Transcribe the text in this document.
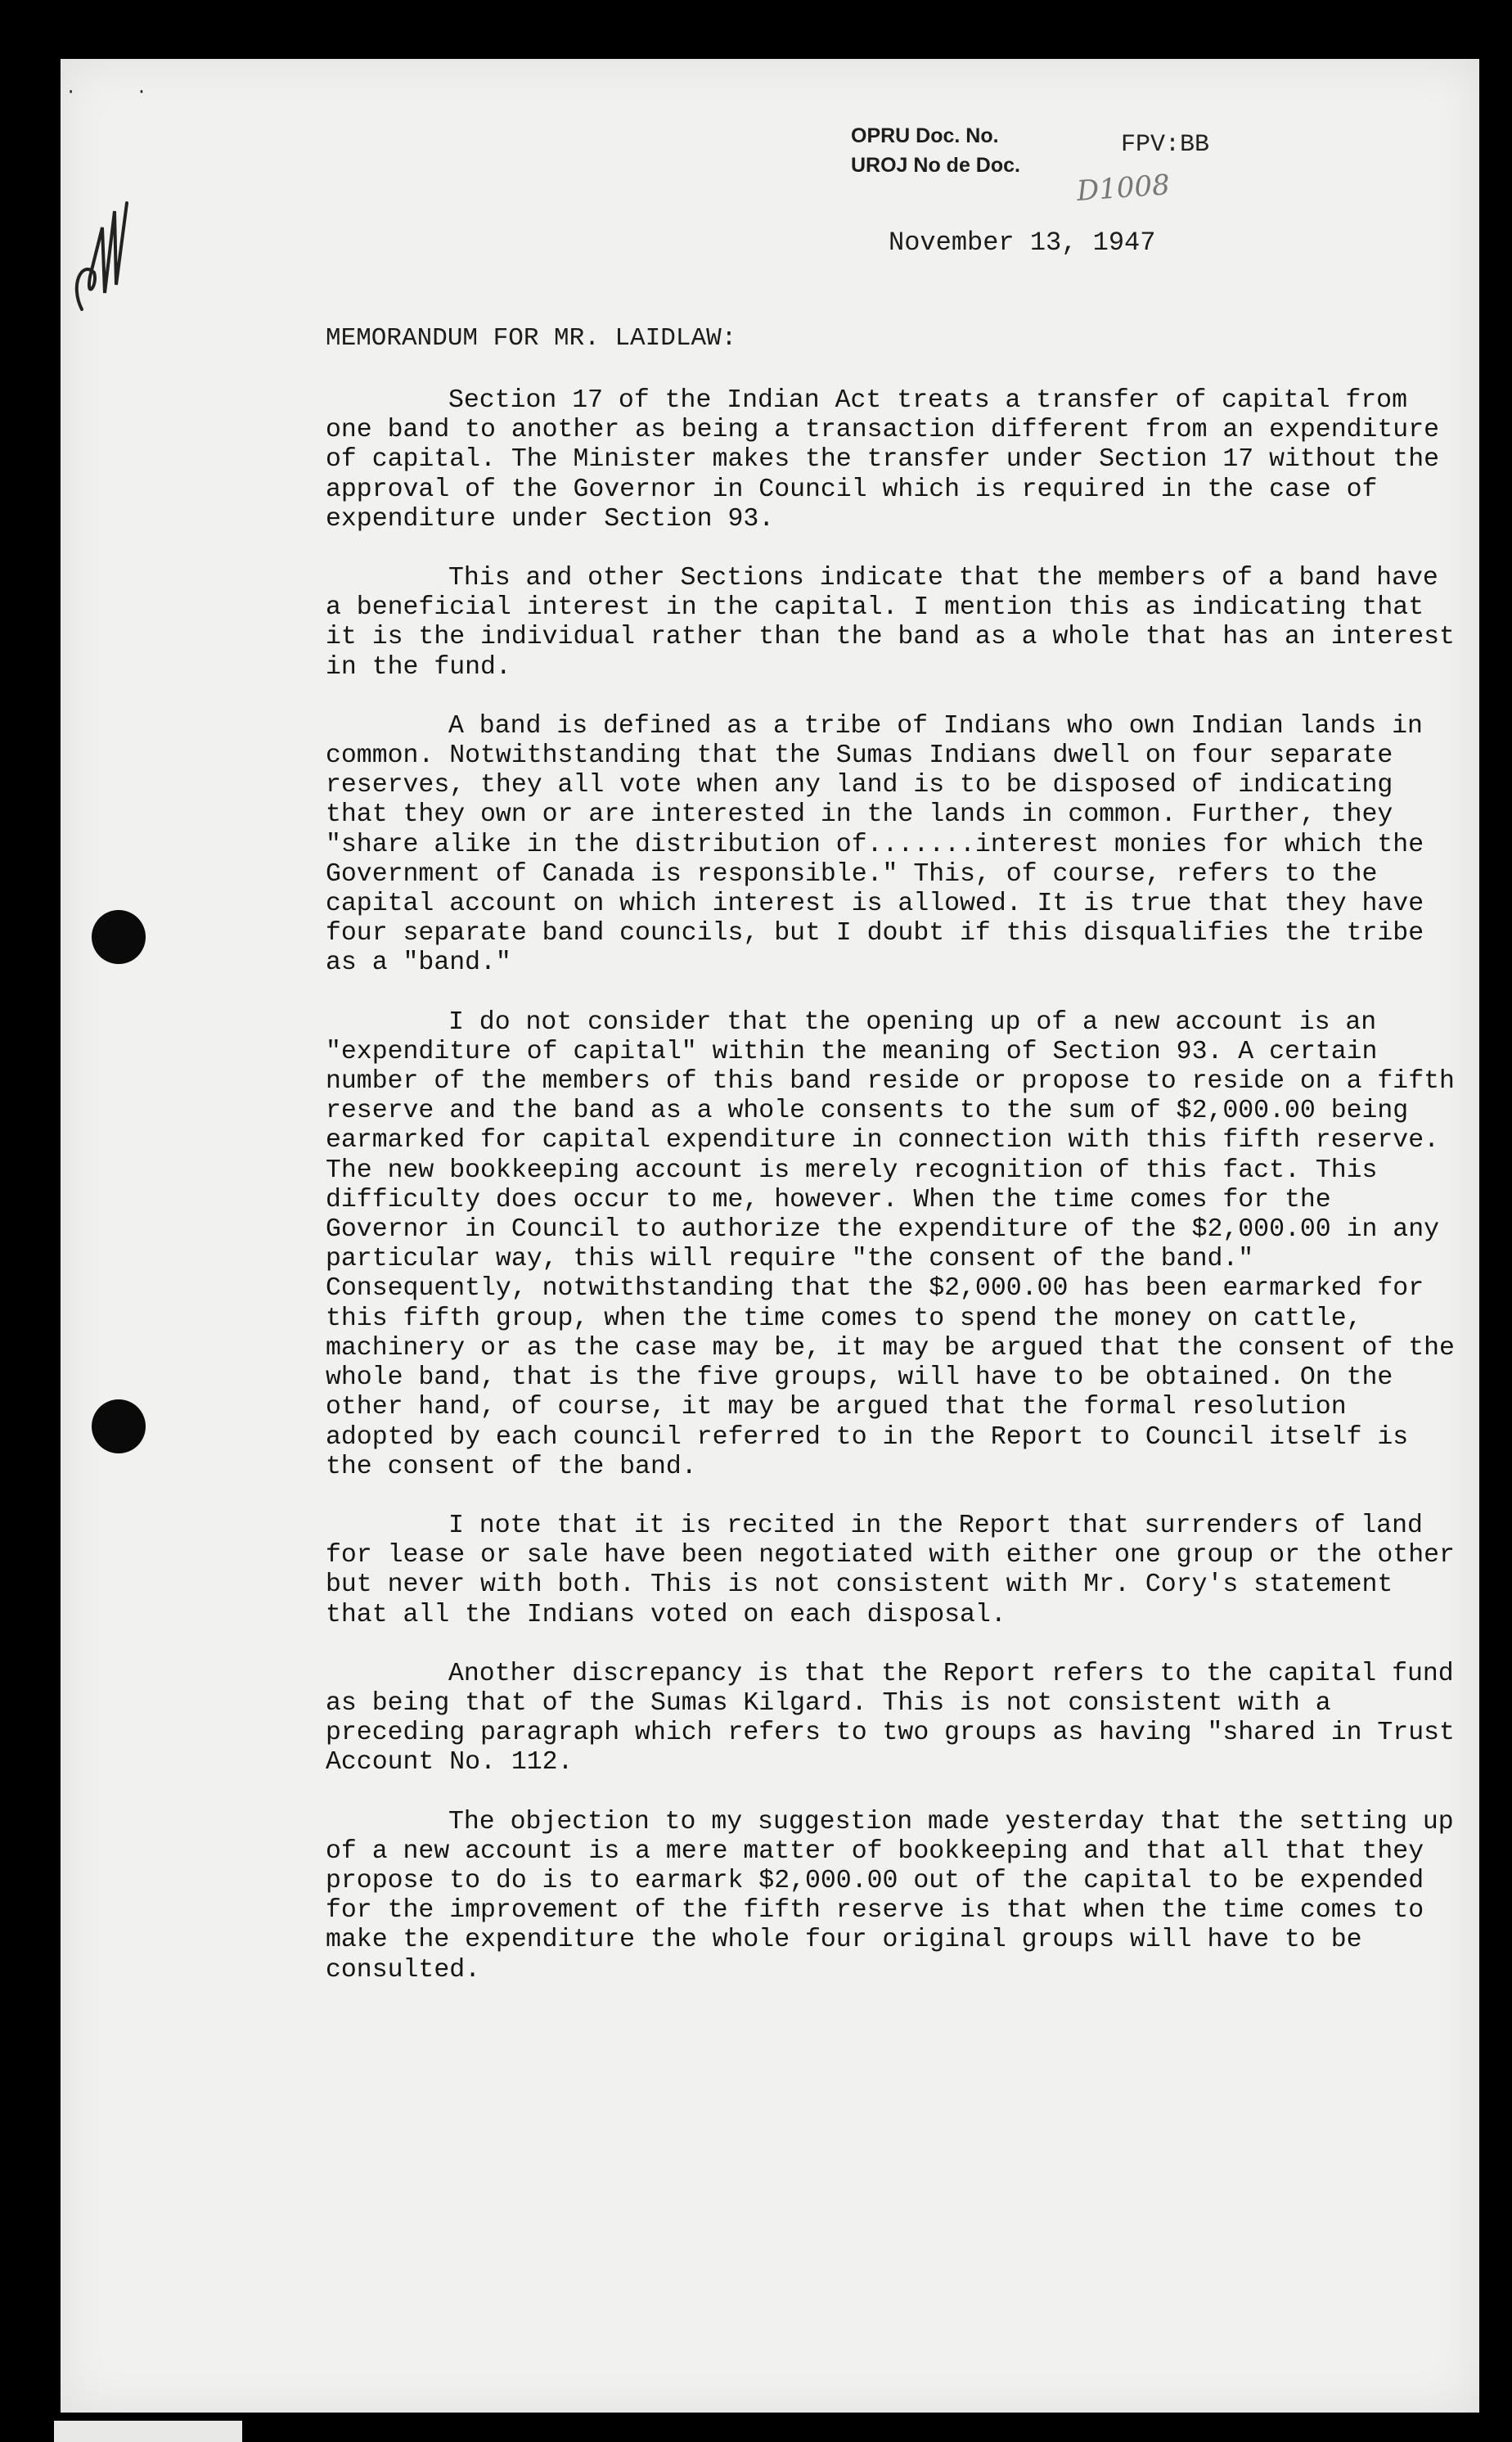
· ·
OPRU Doc. No.
UROJ No de Doc.
FPV:BB
D1008
November 13, 1947
MEMORANDUM FOR MR. LAIDLAW:

Section 17 of the Indian Act treats a transfer of capital from one band to another as being a transaction different from an expenditure of capital. The Minister makes the transfer under Section 17 without the approval of the Governor in Council which is required in the case of expenditure under Section 93.

This and other Sections indicate that the members of a band have a beneficial interest in the capital. I mention this as indicating that it is the individual rather than the band as a whole that has an interest in the fund.

A band is defined as a tribe of Indians who own Indian lands in common. Notwithstanding that the Sumas Indians dwell on four separate reserves, they all vote when any land is to be disposed of indicating that they own or are interested in the lands in common. Further, they "share alike in the distribution of.......interest monies for which the Government of Canada is responsible." This, of course, refers to the capital account on which interest is allowed. It is true that they have four separate band councils, but I doubt if this disqualifies the tribe as a "band."

I do not consider that the opening up of a new account is an "expenditure of capital" within the meaning of Section 93. A certain number of the members of this band reside or propose to reside on a fifth reserve and the band as a whole consents to the sum of $2,000.00 being earmarked for capital expenditure in connection with this fifth reserve. The new bookkeeping account is merely recognition of this fact. This difficulty does occur to me, however. When the time comes for the Governor in Council to authorize the expenditure of the $2,000.00 in any particular way, this will require "the consent of the band." Consequently, notwithstanding that the $2,000.00 has been earmarked for this fifth group, when the time comes to spend the money on cattle, machinery or as the case may be, it may be argued that the consent of the whole band, that is the five groups, will have to be obtained. On the other hand, of course, it may be argued that the formal resolution adopted by each council referred to in the Report to Council itself is the consent of the band.

I note that it is recited in the Report that surrenders of land for lease or sale have been negotiated with either one group or the other but never with both. This is not consistent with Mr. Cory's statement that all the Indians voted on each disposal.

Another discrepancy is that the Report refers to the capital fund as being that of the Sumas Kilgard. This is not consistent with a preceding paragraph which refers to two groups as having "shared in Trust Account No. 112.

The objection to my suggestion made yesterday that the setting up of a new account is a mere matter of bookkeeping and that all that they propose to do is to earmark $2,000.00 out of the capital to be expended for the improvement of the fifth reserve is that when the time comes to make the expenditure the whole four original groups will have to be consulted.
